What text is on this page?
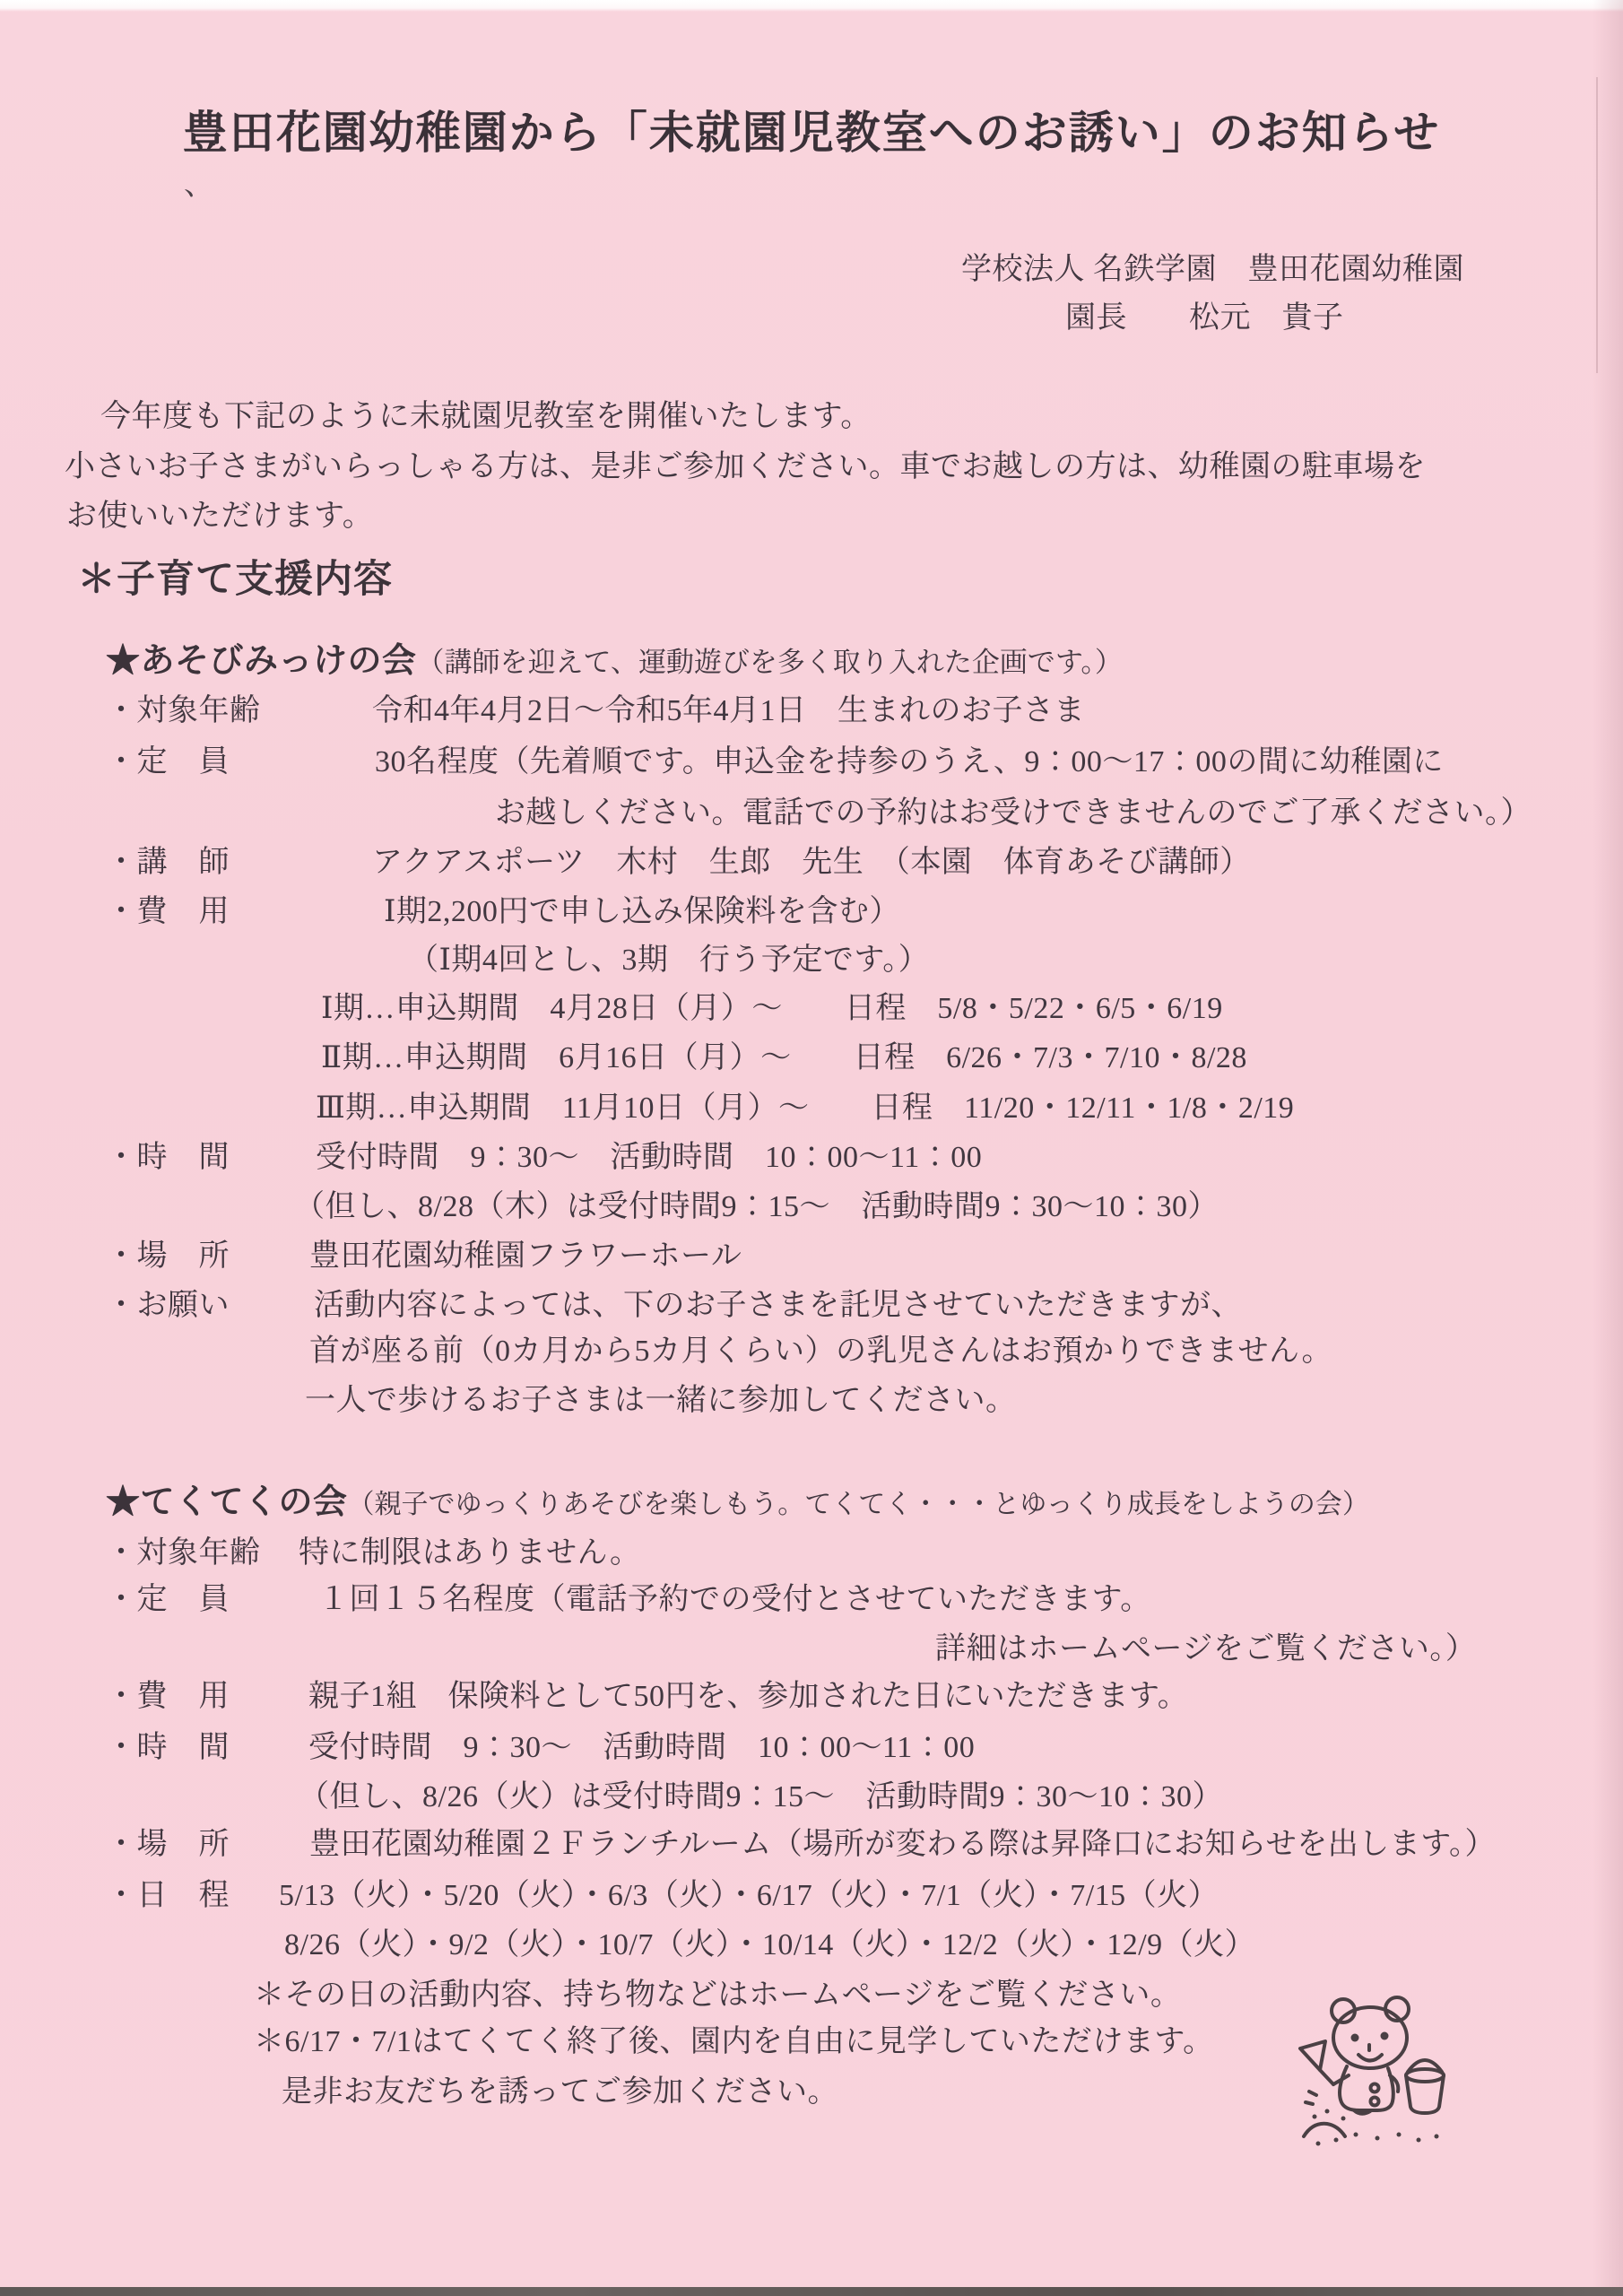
豊田花園幼稚園から「未就園児教室へのお誘い」のお知らせ
、
学校法人 名鉄学園　豊田花園幼稚園
園長　　松元　貴子
今年度も下記のように未就園児教室を開催いたします。
小さいお子さまがいらっしゃる方は、是非ご参加ください。車でお越しの方は、幼稚園の駐車場を
お使いいただけます。
＊子育て支援内容
★あそびみっけの会（講師を迎えて、運動遊びを多く取り入れた企画です。）
・対象年齢	令和4年4月2日～令和5年4月1日　生まれのお子さま
・定　員	30名程度（先着順です。申込金を持参のうえ、9：00～17：00の間に幼稚園に
お越しください。電話での予約はお受けできませんのでご了承ください。）
・講　師	アクアスポーツ　木村　生郎　先生　（本園　体育あそび講師）
・費　用	Ⅰ期2,200円で申し込み保険料を含む）
（Ⅰ期4回とし、3期　行う予定です。）
Ⅰ期…申込期間　4月28日（月）～　　日程　5/8・5/22・6/5・6/19
Ⅱ期…申込期間　6月16日（月）～　　日程　6/26・7/3・7/10・8/28
Ⅲ期…申込期間　11月10日（月）～　　日程　11/20・12/11・1/8・2/19
・時　間	受付時間　9：30～　活動時間　10：00～11：00
（但し、8/28（木）は受付時間9：15～　活動時間9：30～10：30）
・場　所	豊田花園幼稚園フラワーホール
・お願い	活動内容によっては、下のお子さまを託児させていただきますが、
首が座る前（0カ月から5カ月くらい）の乳児さんはお預かりできません。
一人で歩けるお子さまは一緒に参加してください。
★てくてくの会（親子でゆっくりあそびを楽しもう。てくてく・・・とゆっくり成長をしようの会）
・対象年齢 特に制限はありません。
・定　員	１回１５名程度（電話予約での受付とさせていただきます。
詳細はホームページをご覧ください。）
・費　用	親子1組　保険料として50円を、参加された日にいただきます。
・時　間	受付時間　9：30～　活動時間　10：00～11：00
（但し、8/26（火）は受付時間9：15～　活動時間9：30～10：30）
・場　所	豊田花園幼稚園２Ｆランチルーム（場所が変わる際は昇降口にお知らせを出します。）
・日　程 5/13（火）・5/20（火）・6/3（火）・6/17（火）・7/1（火）・7/15（火）
8/26（火）・9/2（火）・10/7（火）・10/14（火）・12/2（火）・12/9（火）
＊その日の活動内容、持ち物などはホームページをご覧ください。
＊6/17・7/1はてくてく終了後、園内を自由に見学していただけます。
是非お友だちを誘ってご参加ください。
